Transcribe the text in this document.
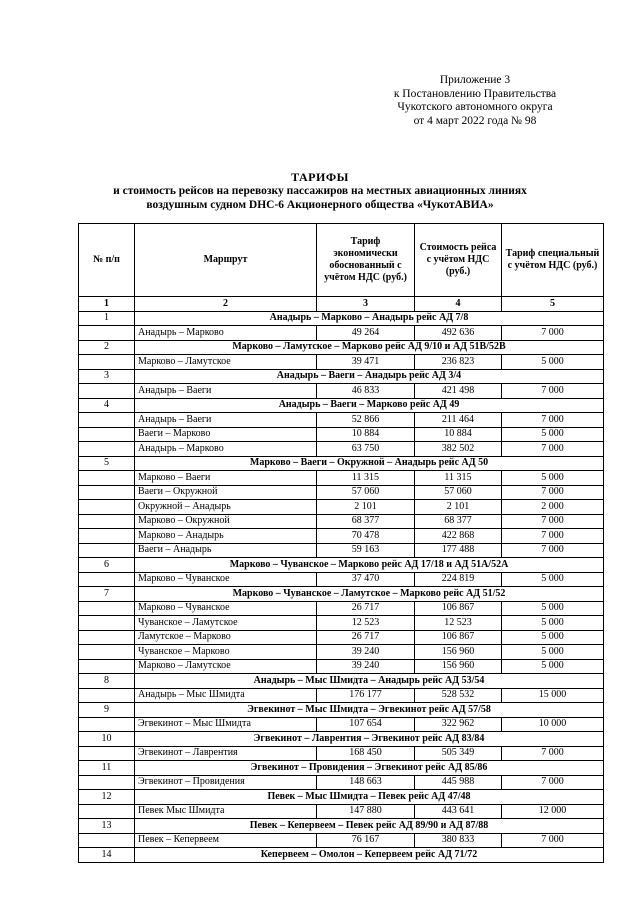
Приложение 3
к Постановлению Правительства
Чукотского автономного округа
от 4 март 2022 года № 98
ТАРИФЫ
и стоимость рейсов на перевозку пассажиров на местных авиационных линиях
воздушным судном DHC-6 Акционерного общества «ЧукотАВИА»
№ п/п	Маршрут	Тариф экономически обоснованный с учётом НДС (руб.)	Стоимость рейса с учётом НДС (руб.)	Тариф специальный с учётом НДС (руб.)
1	2	3	4	5
1	Анадырь – Марково – Анадырь рейс АД 7/8			
	Анадырь – Марково	49 264	492 636	7 000
2	Марково – Ламутское – Марково рейс АД 9/10 и АД 51В/52В			
	Марково – Ламутское	39 471	236 823	5 000
3	Анадырь – Ваеги – Анадырь рейс АД 3/4			
	Анадырь – Ваеги	46 833	421 498	7 000
4	Анадырь – Ваеги – Марково рейс АД 49			
	Анадырь – Ваеги	52 866	211 464	7 000
	Ваеги – Марково	10 884	10 884	5 000
	Анадырь – Марково	63 750	382 502	7 000
5	Марково – Ваеги – Окружной – Анадырь рейс АД 50			
	Марково – Ваеги	11 315	11 315	5 000
	Ваеги – Окружной	57 060	57 060	7 000
	Окружной – Анадырь	2 101	2 101	2 000
	Марково – Окружной	68 377	68 377	7 000
	Марково – Анадырь	70 478	422 868	7 000
	Ваеги – Анадырь	59 163	177 488	7 000
6	Марково – Чуванское – Марково рейс АД 17/18 и АД 51А/52А			
	Марково – Чуванское	37 470	224 819	5 000
7	Марково – Чуванское – Ламутское – Марково рейс АД 51/52			
	Марково – Чуванское	26 717	106 867	5 000
	Чуванское – Ламутское	12 523	12 523	5 000
	Ламутское – Марково	26 717	106 867	5 000
	Чуванское – Марково	39 240	156 960	5 000
	Марково – Ламутское	39 240	156 960	5 000
8	Анадырь – Мыс Шмидта – Анадырь рейс АД 53/54			
	Анадырь – Мыс Шмидта	176 177	528 532	15 000
9	Эгвекинот – Мыс Шмидта – Эгвекинот рейс АД 57/58			
	Эгвекинот – Мыс Шмидта	107 654	322 962	10 000
10	Эгвекинот – Лаврентия – Эгвекинот рейс АД 83/84			
	Эгвекинот – Лаврентия	168 450	505 349	7 000
11	Эгвекинот – Провидения – Эгвекинот рейс АД 85/86			
	Эгвекинот – Провидения	148 663	445 988	7 000
12	Певек – Мыс Шмидта – Певек рейс АД 47/48			
	Певек Мыс Шмидта	147 880	443 641	12 000
13	Певек – Кепервеем – Певек рейс АД 89/90 и АД 87/88			
	Певек – Кепервеем	76 167	380 833	7 000
14	Кепервеем – Омолон – Кепервеем рейс АД 71/72			
